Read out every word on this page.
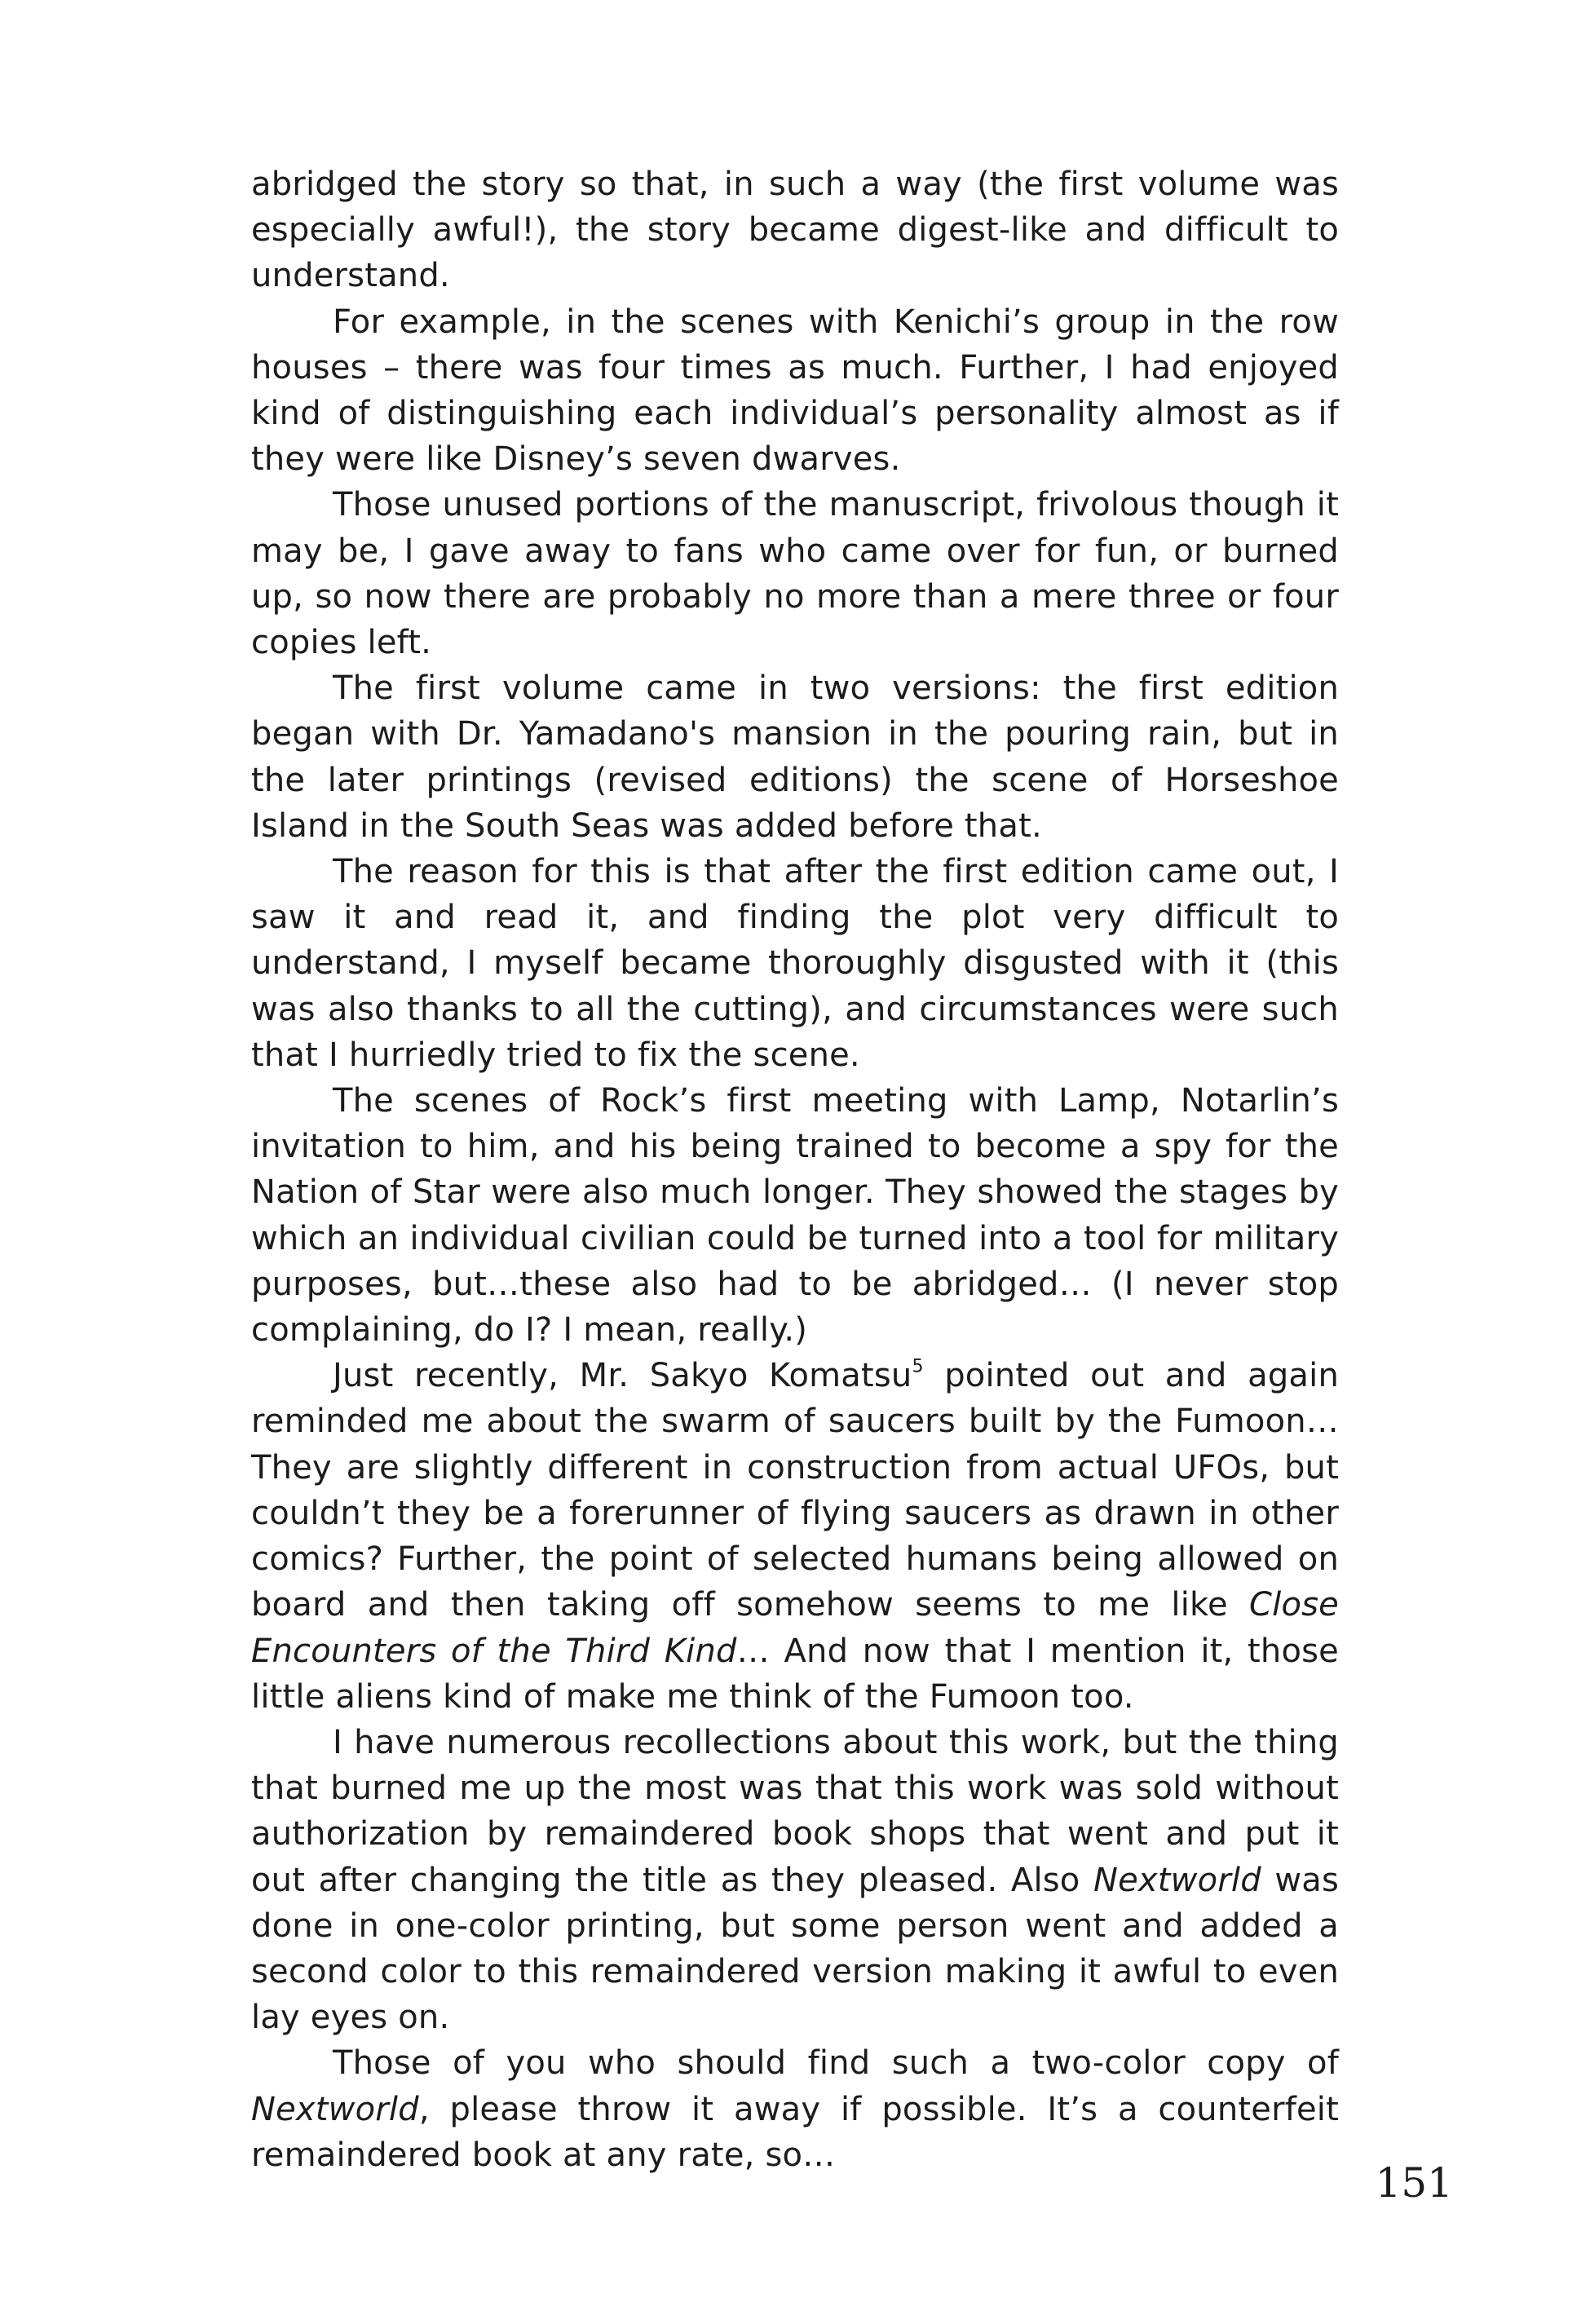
abridged the story so that, in such a way (the first volume was especially awful!), the story became digest-like and difficult to understand.

For example, in the scenes with Kenichi’s group in the row houses – there was four times as much. Further, I had enjoyed kind of distinguishing each individual’s personality almost as if they were like Disney’s seven dwarves.

Those unused portions of the manuscript, frivolous though it may be, I gave away to fans who came over for fun, or burned up, so now there are probably no more than a mere three or four copies left.

The first volume came in two versions: the first edition began with Dr. Yamadano's mansion in the pouring rain, but in the later printings (revised editions) the scene of Horseshoe Island in the South Seas was added before that.

The reason for this is that after the first edition came out, I saw it and read it, and finding the plot very difficult to understand, I myself became thoroughly disgusted with it (this was also thanks to all the cutting), and circumstances were such that I hurriedly tried to fix the scene.

The scenes of Rock’s first meeting with Lamp, Notarlin’s invitation to him, and his being trained to become a spy for the Nation of Star were also much longer. They showed the stages by which an individual civilian could be turned into a tool for military purposes, but…these also had to be abridged… (I never stop complaining, do I? I mean, really.)

Just recently, Mr. Sakyo Komatsu$^5$ pointed out and again reminded me about the swarm of saucers built by the Fumoon… They are slightly different in construction from actual UFOs, but couldn’t they be a forerunner of flying saucers as drawn in other comics? Further, the point of selected humans being allowed on board and then taking off somehow seems to me like Close Encounters of the Third Kind… And now that I mention it, those little aliens kind of make me think of the Fumoon too.

I have numerous recollections about this work, but the thing that burned me up the most was that this work was sold without authorization by remaindered book shops that went and put it out after changing the title as they pleased. Also Nextworld was done in one-color printing, but some person went and added a second color to this remaindered version making it awful to even lay eyes on.

Those of you who should find such a two-color copy of Nextworld, please throw it away if possible. It’s a counterfeit remaindered book at any rate, so…

151
